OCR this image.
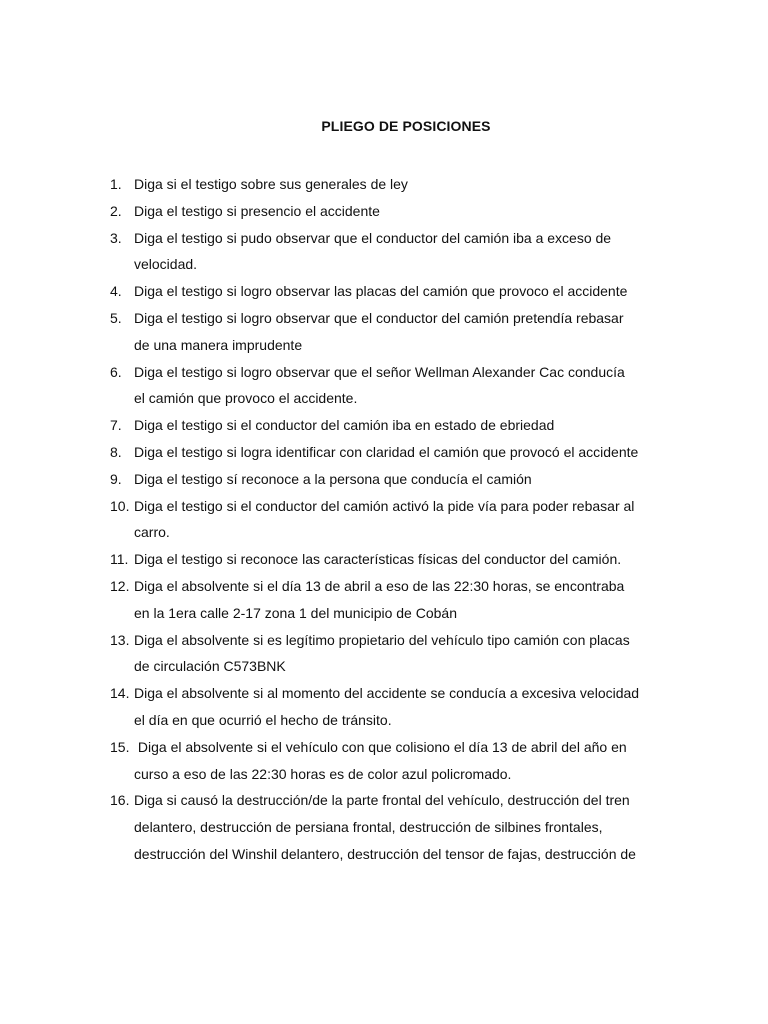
PLIEGO DE POSICIONES
1. Diga si el testigo sobre sus generales de ley
2. Diga el testigo si presencio el accidente
3. Diga el testigo si pudo observar que el conductor del camión iba a exceso de
velocidad.
4. Diga el testigo si logro observar las placas del camión que provoco el accidente
5. Diga el testigo si logro observar que el conductor del camión pretendía rebasar
de una manera imprudente
6. Diga el testigo si logro observar que el señor Wellman Alexander Cac conducía
el camión que provoco el accidente.
7. Diga el testigo si el conductor del camión iba en estado de ebriedad
8. Diga el testigo si logra identificar con claridad el camión que provocó el accidente
9. Diga el testigo sí reconoce a la persona que conducía el camión
10. Diga el testigo si el conductor del camión activó la pide vía para poder rebasar al
carro.
11. Diga el testigo si reconoce las características físicas del conductor del camión.
12. Diga el absolvente si el día 13 de abril a eso de las 22:30 horas, se encontraba
en la 1era calle 2-17 zona 1 del municipio de Cobán
13. Diga el absolvente si es legítimo propietario del vehículo tipo camión con placas
de circulación C573BNK
14. Diga el absolvente si al momento del accidente se conducía a excesiva velocidad
el día en que ocurrió el hecho de tránsito.
15. Diga el absolvente si el vehículo con que colisiono el día 13 de abril del año en
curso a eso de las 22:30 horas es de color azul policromado.
16. Diga si causó la destrucción/de la parte frontal del vehículo, destrucción del tren
delantero, destrucción de persiana frontal, destrucción de silbines frontales,
destrucción del Winshil delantero, destrucción del tensor de fajas, destrucción de
